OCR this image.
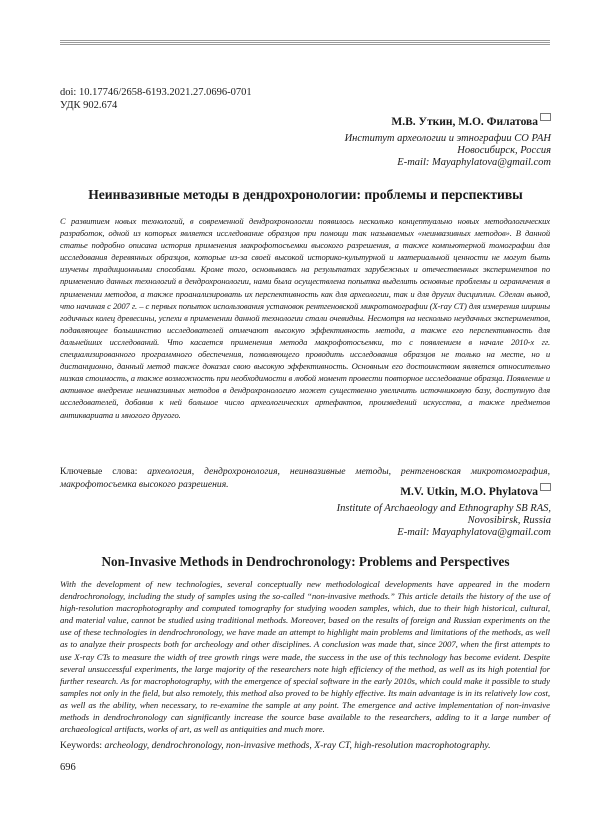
doi: 10.17746/2658-6193.2021.27.0696-0701
УДК 902.674
М.В. Уткин, М.О. Филатова
Институт археологии и этнографии СО РАН
Новосибирск, Россия
E-mail: Mayaphylatova@gmail.com
Неинвазивные методы в дендрохронологии: проблемы и перспективы
С развитием новых технологий, в современной дендрохронологии появилось несколько концептуально новых методологических разработок, одной из которых является исследование образцов при помощи так называемых «неинвазивных методов». В данной статье подробно описана история применения макрофотосъемки высокого разрешения, а также компьютерной томографии для исследования деревянных образцов, которые из-за своей высокой историко-культурной и материальной ценности не могут быть изучены традиционными способами. Кроме того, основываясь на результатах зарубежных и отечественных экспериментов по применению данных технологий в дендрохронологии, нами была осуществлена попытка выделить основные проблемы и ограничения в применении методов, а также проанализировать их перспективность как для археологии, так и для других дисциплин. Сделан вывод, что начиная с 2007 г. – с первых попыток использования установок рентгеновской микротомографии (X-ray CT) для измерения ширины годичных колец древесины, успехи в применении данной технологии стали очевидны. Несмотря на несколько неудачных экспериментов, подавляющее большинство исследователей отмечают высокую эффективность метода, а также его перспективность для дальнейших исследований. Что касается применения метода макрофотосъемки, то с появлением в начале 2010-х гг. специализированного программного обеспечения, позволяющего проводить исследования образцов не только на месте, но и дистанционно, данный метод также доказал свою высокую эффективность. Основным его достоинством является относительно низкая стоимость, а также возможность при необходимости в любой момент провести повторное исследование образца. Появление и активное внедрение неинвазивных методов в дендрохронологию может существенно увеличить источниковую базу, доступную для исследователей, добавив к ней большое число археологических артефактов, произведений искусства, а также предметов антиквариата и многого другого.
Ключевые слова: археология, дендрохронология, неинвазивные методы, рентгеновская микротомография, макрофотосъемка высокого разрешения.
M.V. Utkin, M.O. Phylatova
Institute of Archaeology and Ethnography SB RAS,
Novosibirsk, Russia
E-mail: Mayaphylatova@gmail.com
Non-Invasive Methods in Dendrochronology: Problems and Perspectives
With the development of new technologies, several conceptually new methodological developments have appeared in the modern dendrochronology, including the study of samples using the so-called “non-invasive methods.” This article details the history of the use of high-resolution macrophotography and computed tomography for studying wooden samples, which, due to their high historical, cultural, and material value, cannot be studied using traditional methods. Moreover, based on the results of foreign and Russian experiments on the use of these technologies in dendrochronology, we have made an attempt to highlight main problems and limitations of the methods, as well as to analyze their prospects both for archeology and other disciplines. A conclusion was made that, since 2007, when the first attempts to use X-ray CTs to measure the width of tree growth rings were made, the success in the use of this technology has become evident. Despite several unsuccessful experiments, the large majority of the researchers note high efficiency of the method, as well as its high potential for further research. As for macrophotography, with the emergence of special software in the early 2010s, which could make it possible to study samples not only in the field, but also remotely, this method also proved to be highly effective. Its main advantage is in its relatively low cost, as well as the ability, when necessary, to re-examine the sample at any point. The emergence and active implementation of non-invasive methods in dendrochronology can significantly increase the source base available to the researchers, adding to it a large number of archaeological artifacts, works of art, as well as antiquities and much more.
Keywords: archeology, dendrochronology, non-invasive methods, X-ray CT, high-resolution macrophotography.
696
